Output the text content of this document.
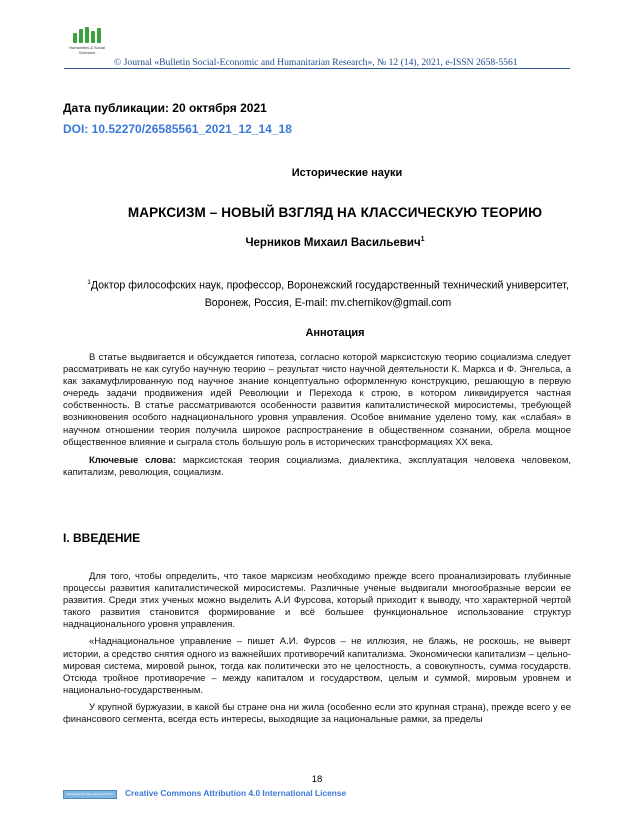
Humanities & Social Sciences
© Journal «Bulletin Social-Economic and Humanitarian Research», № 12 (14), 2021, e-ISSN 2658-5561
Дата публикации: 20 октября 2021
DOI: 10.52270/26585561_2021_12_14_18
Исторические науки
МАРКСИЗМ – НОВЫЙ ВЗГЛЯД НА КЛАССИЧЕСКУЮ ТЕОРИЮ
Черников Михаил Васильевич$^1$
$^1$Доктор философских наук, профессор, Воронежский государственный технический университет, Воронеж, Россия, E-mail: mv.chernikov@gmail.com
Аннотация

В статье выдвигается и обсуждается гипотеза, согласно которой марксистскую теорию социализма следует рассматривать не как сугубо научную теорию – результат чисто научной деятельности К. Маркса и Ф. Энгельса, а как закамуфлированную под научное знание концептуально оформленную конструкцию, решающую в первую очередь задачи продвижения идей Революции и Перехода к строю, в котором ликвидируется частная собственность. В статье рассматриваются особенности развития капиталистической миросистемы, требующей возникновения особого наднационального уровня управления. Особое внимание уделено тому, как «слабая» в научном отношении теория получила широкое распространение в общественном сознании, обрела мощное общественное влияние и сыграла столь большую роль в исторических трансформациях XX века.

Ключевые слова: марксистская теория социализма, диалектика, эксплуатация человека человеком, капитализм, революция, социализм.

I. ВВЕДЕНИЕ

Для того, чтобы определить, что такое марксизм необходимо прежде всего проанализировать глубинные процессы развития капиталистической миросистемы. Различные ученые выдвигали многообразные версии ее развития. Среди этих ученых можно выделить А.И Фурсова, который приходит к выводу, что характерной чертой такого развития становится формирование и всё большее функциональное использование структур наднационального уровня управления.

«Наднациональное управление – пишет А.И. Фурсов – не иллюзия, не блажь, не роскошь, не выверт истории, а средство снятия одного из важнейших противоречий капитализма. Экономически капитализм – цельно-мировая система, мировой рынок, тогда как политически это не целостность, а совокупность, сумма государств. Отсюда тройное противоречие – между капиталом и государством, целым и суммой, мировым уровнем и национально-государственным.

У крупной буржуазии, в какой бы стране она ни жила (особенно если это крупная страна), прежде всего у ее финансового сегмента, всегда есть интересы, выходящие за национальные рамки, за пределы

18
Attribution 4.0 International (CC BY 4.0)
Creative Commons Attribution 4.0 International License
